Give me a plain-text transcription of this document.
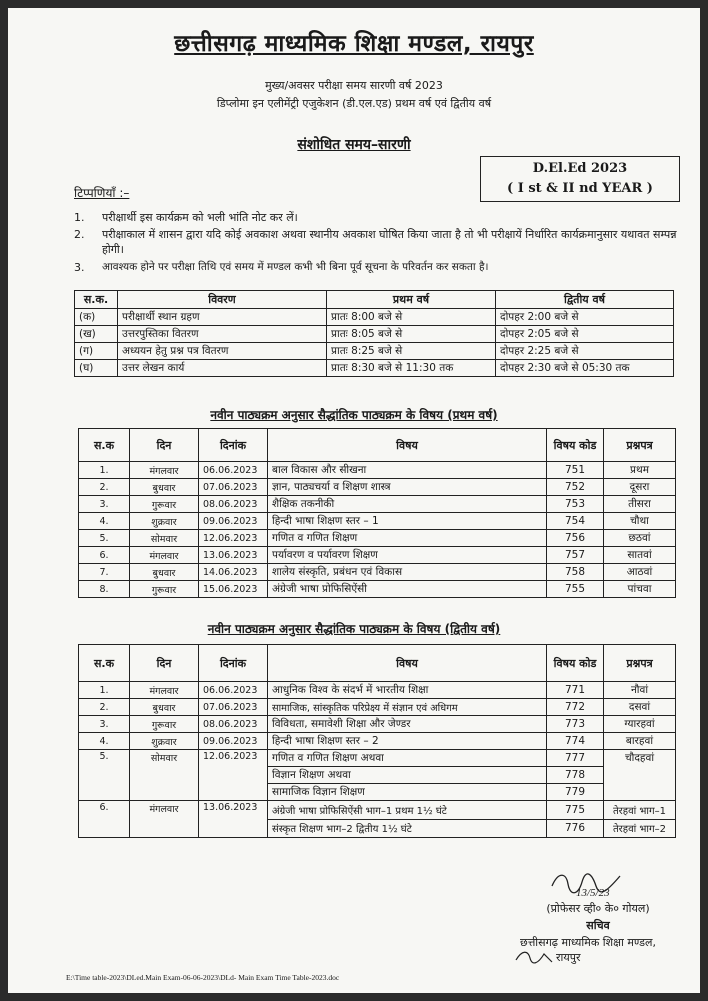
छत्तीसगढ़ माध्यमिक शिक्षा मण्डल, रायपुर
मुख्य/अवसर परीक्षा समय सारणी वर्ष 2023
डिप्लोमा इन एलीमेंट्री एजुकेशन (डी.एल.एड) प्रथम वर्ष एवं द्वितीय वर्ष
संशोधित समय–सारणी
D.El.Ed 2023
( I st & II nd YEAR )
टिप्पणियाँ :–
1. परीक्षार्थी इस कार्यक्रम को भली भांति नोट कर लें।
2. परीक्षाकाल में शासन द्वारा यदि कोई अवकाश अथवा स्थानीय अवकाश घोषित किया जाता है तो भी परीक्षायें निर्धारित कार्यक्रमानुसार यथावत सम्पन्न होगी।
3. आवश्यक होने पर परीक्षा तिथि एवं समय में मण्डल कभी भी बिना पूर्व सूचना के परिवर्तन कर सकता है।
स.क.	विवरण	प्रथम वर्ष	द्वितीय वर्ष
(क)	परीक्षार्थी स्थान ग्रहण	प्रातः 8:00 बजे से	दोपहर 2:00 बजे से
(ख)	उत्तरपुस्तिका वितरण	प्रातः 8:05 बजे से	दोपहर 2:05 बजे से
(ग)	अध्ययन हेतु प्रश्न पत्र वितरण	प्रातः 8:25 बजे से	दोपहर 2:25 बजे से
(घ)	उत्तर लेखन कार्य	प्रातः 8:30 बजे से 11:30 तक	दोपहर 2:30 बजे से 05:30 तक
नवीन पाठ्यक्रम अनुसार सैद्धांतिक पाठ्यक्रम के विषय (प्रथम वर्ष)
स.क	दिन	दिनांक	विषय	विषय कोड	प्रश्नपत्र
1.	मंगलवार	06.06.2023	बाल विकास और सीखना	751	प्रथम
2.	बुधवार	07.06.2023	ज्ञान, पाठ्यचर्या व शिक्षण शास्त्र	752	दूसरा
3.	गुरूवार	08.06.2023	शैक्षिक तकनीकी	753	तीसरा
4.	शुक्रवार	09.06.2023	हिन्दी भाषा शिक्षण स्तर – 1	754	चौथा
5.	सोमवार	12.06.2023	गणित व गणित शिक्षण	756	छठवां
6.	मंगलवार	13.06.2023	पर्यावरण व पर्यावरण शिक्षण	757	सातवां
7.	बुधवार	14.06.2023	शालेय संस्कृति, प्रबंधन एवं विकास	758	आठवां
8.	गुरूवार	15.06.2023	अंग्रेजी भाषा प्रोफिसिऐंसी	755	पांचवा
नवीन पाठ्यक्रम अनुसार सैद्धांतिक पाठ्यक्रम के विषय (द्वितीय वर्ष)
स.क	दिन	दिनांक	विषय	विषय कोड	प्रश्नपत्र
1.	मंगलवार	06.06.2023	आधुनिक विश्व के संदर्भ में भारतीय शिक्षा	771	नौवां
2.	बुधवार	07.06.2023	सामाजिक, सांस्कृतिक परिप्रेक्ष्य में संज्ञान एवं अधिगम	772	दसवां
3.	गुरूवार	08.06.2023	विविधता, समावेशी शिक्षा और जेण्डर	773	ग्यारहवां
4.	शुक्रवार	09.06.2023	हिन्दी भाषा शिक्षण स्तर – 2	774	बारहवां
5.	सोमवार	12.06.2023	गणित व गणित शिक्षण अथवा	777	चौदहवां
			विज्ञान शिक्षण अथवा	778	
			सामाजिक विज्ञान शिक्षण	779	
6.	मंगलवार	13.06.2023	अंग्रेजी भाषा प्रोफिसिऐंसी भाग–1 प्रथम 1½ घंटे	775	तेरहवां भाग–1
			संस्कृत शिक्षण भाग–2 द्वितीय 1½ घंटे	776	तेरहवां भाग–2
13/5/23
(प्रोफेसर व्ही० के० गोयल)
सचिव
छत्तीसगढ़ माध्यमिक शिक्षा मण्डल,
रायपुर
E:\Time table-2023\DLed.Main Exam-06-06-2023\DLd- Main Exam Time Table-2023.doc
